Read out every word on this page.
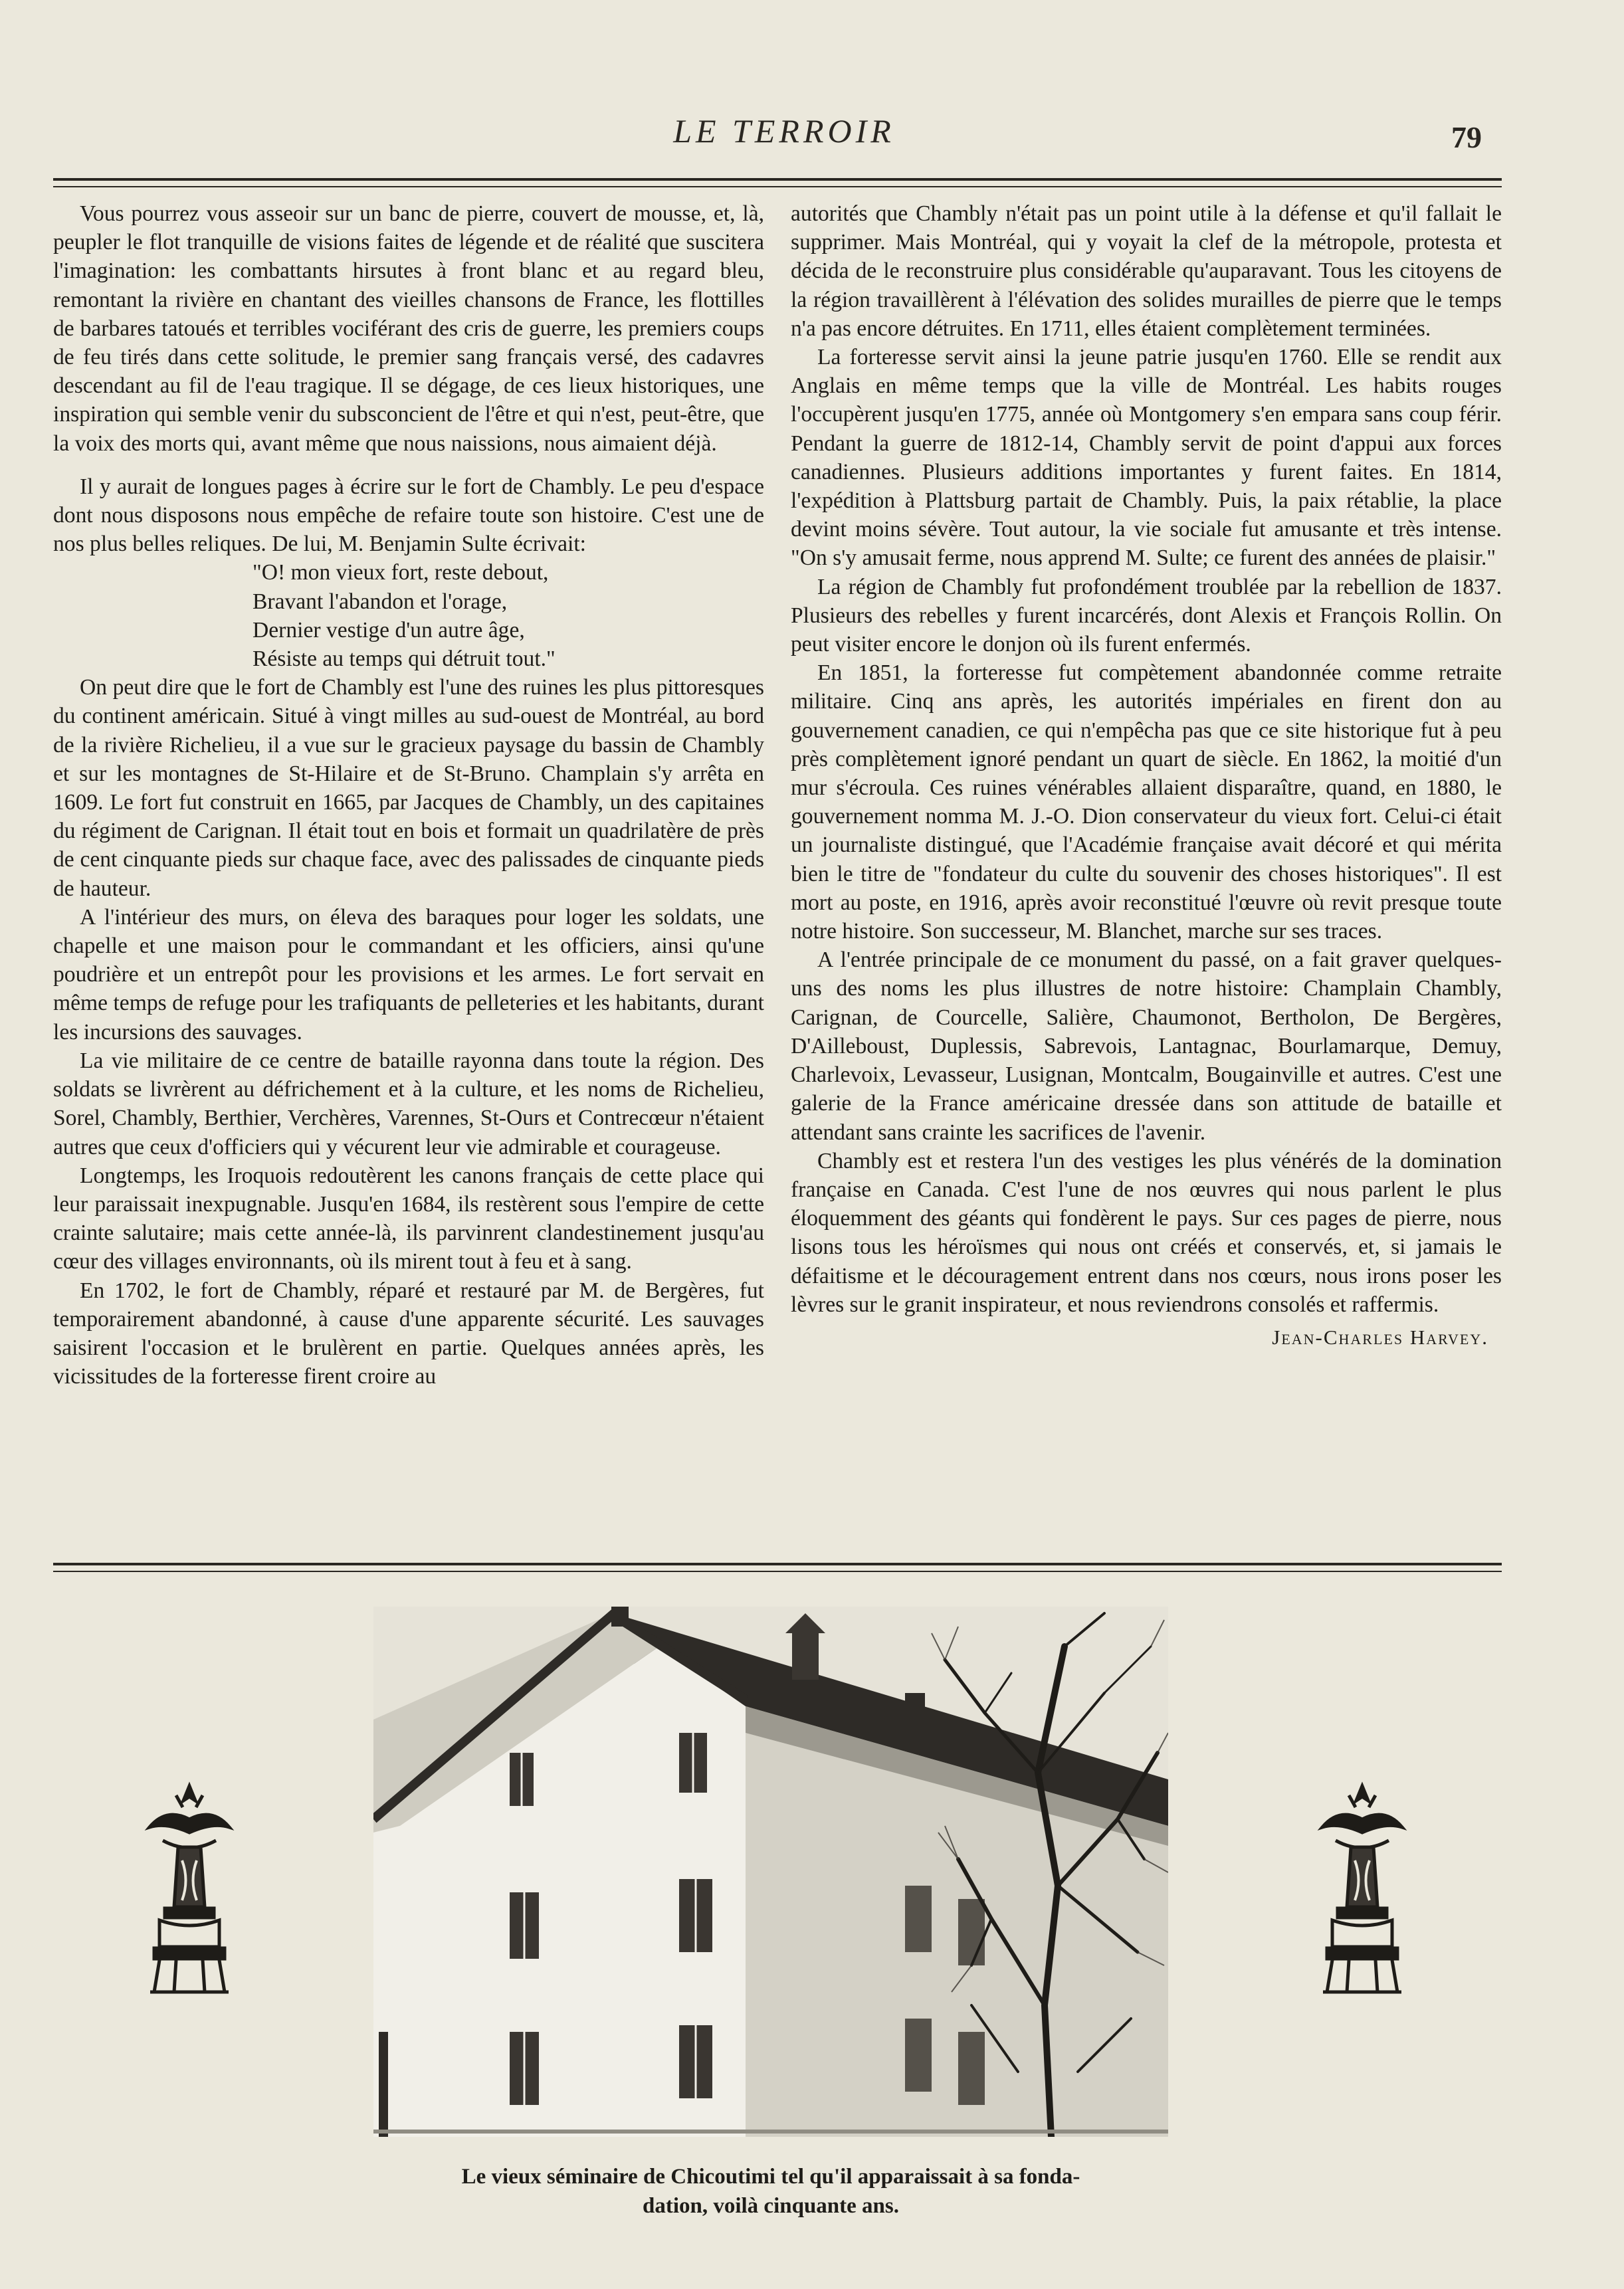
LE TERROIR	79

Vous pourrez vous asseoir sur un banc de pierre, couvert de mousse, et, là, peupler le flot tranquille de visions faites de légende et de réalité que suscitera l'imagination: les combattants hirsutes à front blanc et au regard bleu, remontant la rivière en chantant des vieilles chansons de France, les flottilles de barbares tatoués et terribles vociférant des cris de guerre, les premiers coups de feu tirés dans cette solitude, le premier sang français versé, des cadavres descendant au fil de l'eau tragique. Il se dégage, de ces lieux historiques, une inspiration qui semble venir du subsconcient de l'être et qui n'est, peut-être, que la voix des morts qui, avant même que nous naissions, nous aimaient déjà.

Il y aurait de longues pages à écrire sur le fort de Chambly. Le peu d'espace dont nous disposons nous empêche de refaire toute son histoire. C'est une de nos plus belles reliques. De lui, M. Benjamin Sulte écrivait:

"O! mon vieux fort, reste debout,

Bravant l'abandon et l'orage,

Dernier vestige d'un autre âge,

Résiste au temps qui détruit tout."

On peut dire que le fort de Chambly est l'une des ruines les plus pittoresques du continent américain. Situé à vingt milles au sud-ouest de Montréal, au bord de la rivière Richelieu, il a vue sur le gracieux paysage du bassin de Chambly et sur les montagnes de St-Hilaire et de St-Bruno. Champlain s'y arrêta en 1609. Le fort fut construit en 1665, par Jacques de Chambly, un des capitaines du régiment de Carignan. Il était tout en bois et formait un quadrilatère de près de cent cinquante pieds sur chaque face, avec des palissades de cinquante pieds de hauteur.

A l'intérieur des murs, on éleva des baraques pour loger les soldats, une chapelle et une maison pour le commandant et les officiers, ainsi qu'une poudrière et un entrepôt pour les provisions et les armes. Le fort servait en même temps de refuge pour les trafiquants de pelleteries et les habitants, durant les incursions des sauvages.

La vie militaire de ce centre de bataille rayonna dans toute la région. Des soldats se livrèrent au défrichement et à la culture, et les noms de Richelieu, Sorel, Chambly, Berthier, Verchères, Varennes, St-Ours et Contrecœur n'étaient autres que ceux d'officiers qui y vécurent leur vie admirable et courageuse.

Longtemps, les Iroquois redoutèrent les canons français de cette place qui leur paraissait inexpugnable. Jusqu'en 1684, ils restèrent sous l'empire de cette crainte salutaire; mais cette année-là, ils parvinrent clandestinement jusqu'au cœur des villages environnants, où ils mirent tout à feu et à sang.

En 1702, le fort de Chambly, réparé et restauré par M. de Bergères, fut temporairement abandonné, à cause d'une apparente sécurité. Les sauvages saisirent l'occasion et le brulèrent en partie. Quelques années après, les vicissitudes de la forteresse firent croire au

autorités que Chambly n'était pas un point utile à la défense et qu'il fallait le supprimer. Mais Montréal, qui y voyait la clef de la métropole, protesta et décida de le reconstruire plus considérable qu'auparavant. Tous les citoyens de la région travaillèrent à l'élévation des solides murailles de pierre que le temps n'a pas encore détruites. En 1711, elles étaient complètement terminées.

La forteresse servit ainsi la jeune patrie jusqu'en 1760. Elle se rendit aux Anglais en même temps que la ville de Montréal. Les habits rouges l'occupèrent jusqu'en 1775, année où Montgomery s'en empara sans coup férir. Pendant la guerre de 1812-14, Chambly servit de point d'appui aux forces canadiennes. Plusieurs additions importantes y furent faites. En 1814, l'expédition à Plattsburg partait de Chambly. Puis, la paix rétablie, la place devint moins sévère. Tout autour, la vie sociale fut amusante et très intense. "On s'y amusait ferme, nous apprend M. Sulte; ce furent des années de plaisir."

La région de Chambly fut profondément troublée par la rebellion de 1837. Plusieurs des rebelles y furent incarcérés, dont Alexis et François Rollin. On peut visiter encore le donjon où ils furent enfermés.

En 1851, la forteresse fut compètement abandonnée comme retraite militaire. Cinq ans après, les autorités impériales en firent don au gouvernement canadien, ce qui n'empêcha pas que ce site historique fut à peu près complètement ignoré pendant un quart de siècle. En 1862, la moitié d'un mur s'écroula. Ces ruines vénérables allaient disparaître, quand, en 1880, le gouvernement nomma M. J.-O. Dion conservateur du vieux fort. Celui-ci était un journaliste distingué, que l'Académie française avait décoré et qui mérita bien le titre de "fondateur du culte du souvenir des choses historiques". Il est mort au poste, en 1916, après avoir reconstitué l'œuvre où revit presque toute notre histoire. Son successeur, M. Blanchet, marche sur ses traces.

A l'entrée principale de ce monument du passé, on a fait graver quelques-uns des noms les plus illustres de notre histoire: Champlain Chambly, Carignan, de Courcelle, Salière, Chaumonot, Bertholon, De Bergères, D'Ailleboust, Duplessis, Sabrevois, Lantagnac, Bourlamarque, Demuy, Charlevoix, Levasseur, Lusignan, Montcalm, Bougainville et autres. C'est une galerie de la France américaine dressée dans son attitude de bataille et attendant sans crainte les sacrifices de l'avenir.

Chambly est et restera l'un des vestiges les plus vénérés de la domination française en Canada. C'est l'une de nos œuvres qui nous parlent le plus éloquemment des géants qui fondèrent le pays. Sur ces pages de pierre, nous lisons tous les héroïsmes qui nous ont créés et conservés, et, si jamais le défaitisme et le découragement entrent dans nos cœurs, nous irons poser les lèvres sur le granit inspirateur, et nous reviendrons consolés et raffermis.

Jean-Charles Harvey.
Le vieux séminaire de Chicoutimi tel qu'il apparaissait à sa fonda-
dation, voilà cinquante ans.
